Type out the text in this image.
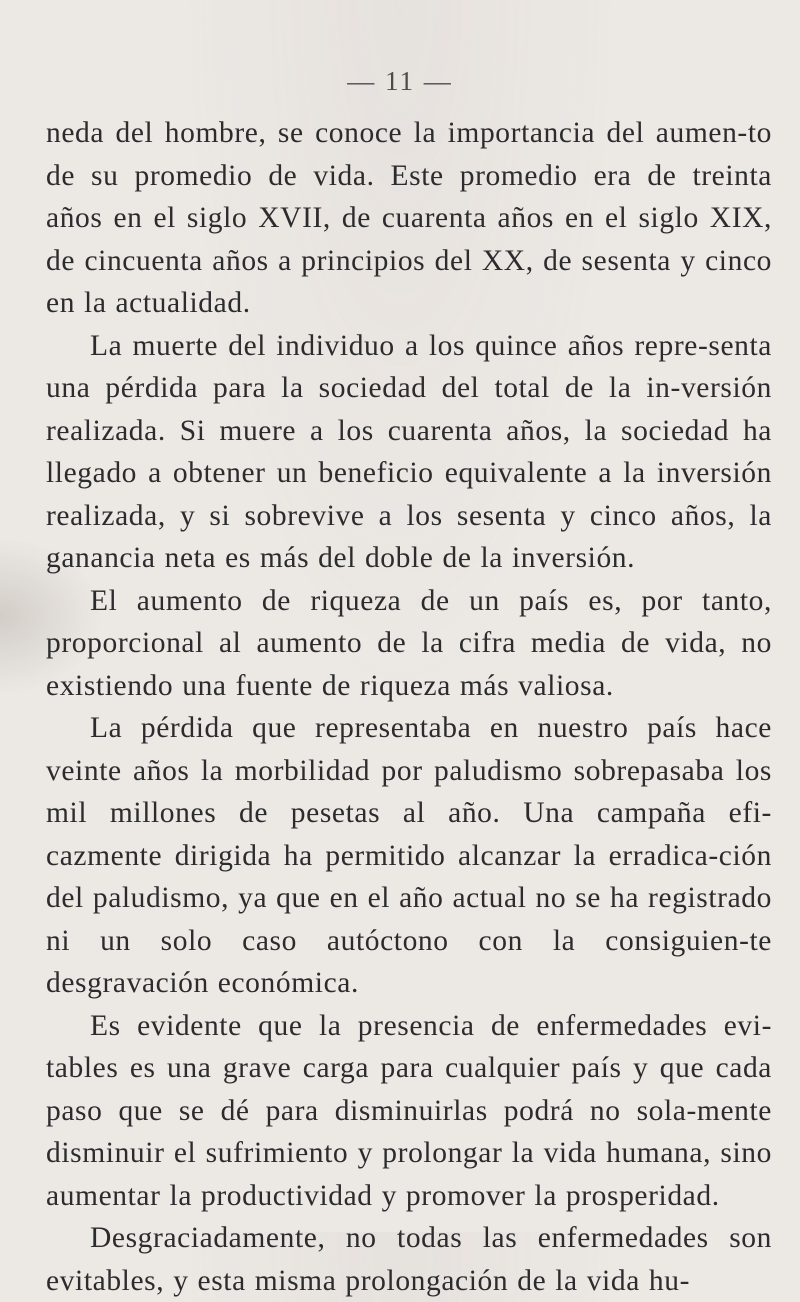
— 11 —

neda del hombre, se conoce la importancia del aumen-to de su promedio de vida. Este promedio era de treinta años en el siglo XVII, de cuarenta años en el siglo XIX, de cincuenta años a principios del XX, de sesenta y cinco en la actualidad.

La muerte del individuo a los quince años repre-senta una pérdida para la sociedad del total de la in-versión realizada. Si muere a los cuarenta años, la sociedad ha llegado a obtener un beneficio equivalente a la inversión realizada, y si sobrevive a los sesenta y cinco años, la ganancia neta es más del doble de la inversión.

El aumento de riqueza de un país es, por tanto, proporcional al aumento de la cifra media de vida, no existiendo una fuente de riqueza más valiosa.

La pérdida que representaba en nuestro país hace veinte años la morbilidad por paludismo sobrepasaba los mil millones de pesetas al año. Una campaña efi-cazmente dirigida ha permitido alcanzar la erradica-ción del paludismo, ya que en el año actual no se ha registrado ni un solo caso autóctono con la consiguien-te desgravación económica.

Es evidente que la presencia de enfermedades evi-tables es una grave carga para cualquier país y que cada paso que se dé para disminuirlas podrá no sola-mente disminuir el sufrimiento y prolongar la vida humana, sino aumentar la productividad y promover la prosperidad.

Desgraciadamente, no todas las enfermedades son evitables, y esta misma prolongación de la vida hu-
